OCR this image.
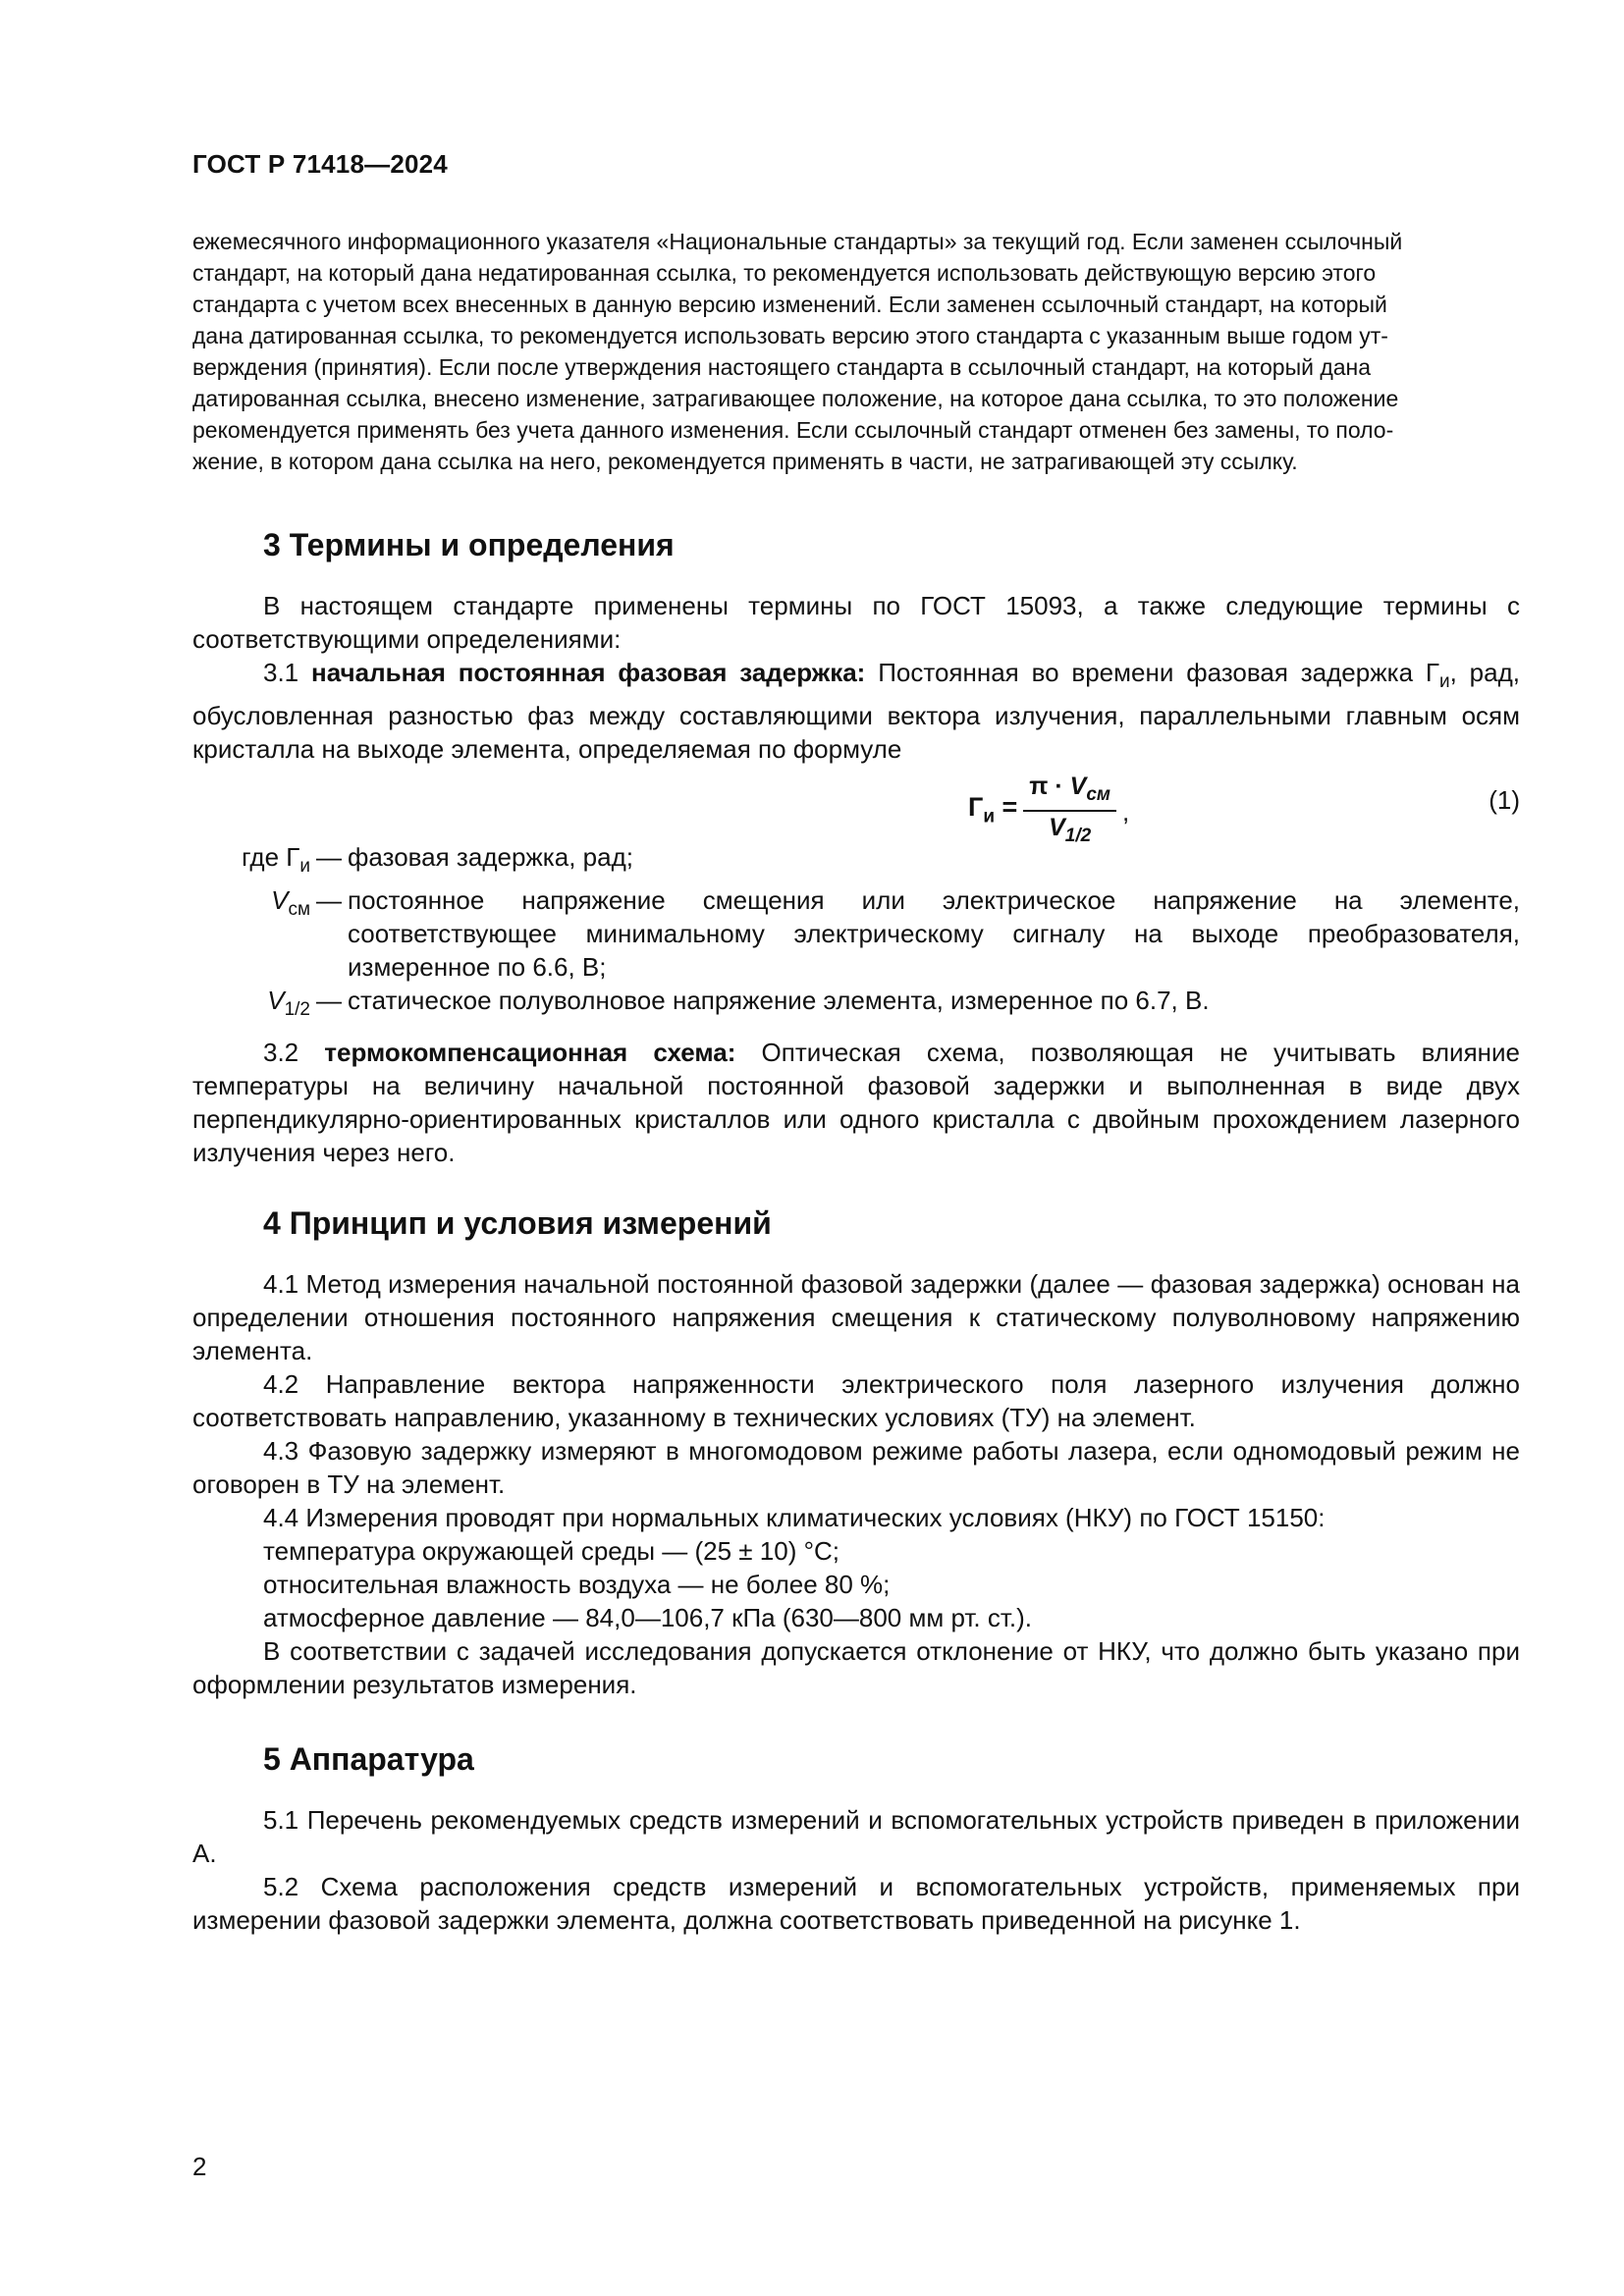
ГОСТ Р 71418—2024
ежемесячного информационного указателя «Национальные стандарты» за текущий год. Если заменен ссылочный
стандарт, на который дана недатированная ссылка, то рекомендуется использовать действующую версию этого
стандарта с учетом всех внесенных в данную версию изменений. Если заменен ссылочный стандарт, на который
дана датированная ссылка, то рекомендуется использовать версию этого стандарта с указанным выше годом ут-
верждения (принятия). Если после утверждения настоящего стандарта в ссылочный стандарт, на который дана
датированная ссылка, внесено изменение, затрагивающее положение, на которое дана ссылка, то это положение
рекомендуется применять без учета данного изменения. Если ссылочный стандарт отменен без замены, то поло-
жение, в котором дана ссылка на него, рекомендуется применять в части, не затрагивающей эту ссылку.
3 Термины и определения

В настоящем стандарте применены термины по ГОСТ 15093, а также следующие термины с соответствующими определениями:

3.1 начальная постоянная фазовая задержка: Постоянная во времени фазовая задержка $Г_и$, рад, обусловленная разностью фаз между составляющими вектора излучения, параллельными главным осям кристалла на выходе элемента, определяемая по формуле

$Г_и = \frac{\pi \cdot V_{см}}{V_{1/2}}$ ,	(1)
где $Г_и$	—	фазовая задержка, рад;
$V_{см}$	—	постоянное напряжение смещения или электрическое напряжение на элементе, соответствующее минимальному электрическому сигналу на выходе преобразователя, измеренное по 6.6, В;
$V_{1/2}$	—	статическое полуволновое напряжение элемента, измеренное по 6.7, В.

3.2 термокомпенсационная схема: Оптическая схема, позволяющая не учитывать влияние температуры на величину начальной постоянной фазовой задержки и выполненная в виде двух перпендикулярно-ориентированных кристаллов или одного кристалла с двойным прохождением лазерного излучения через него.

4 Принцип и условия измерений

4.1 Метод измерения начальной постоянной фазовой задержки (далее — фазовая задержка) основан на определении отношения постоянного напряжения смещения к статическому полуволновому напряжению элемента.

4.2 Направление вектора напряженности электрического поля лазерного излучения должно соответствовать направлению, указанному в технических условиях (ТУ) на элемент.

4.3 Фазовую задержку измеряют в многомодовом режиме работы лазера, если одномодовый режим не оговорен в ТУ на элемент.

4.4 Измерения проводят при нормальных климатических условиях (НКУ) по ГОСТ 15150:

температура окружающей среды — (25 ± 10) °С;

относительная влажность воздуха — не более 80 %;

атмосферное давление — 84,0—106,7 кПа (630—800 мм рт. ст.).

В соответствии с задачей исследования допускается отклонение от НКУ, что должно быть указано при оформлении результатов измерения.

5 Аппаратура

5.1 Перечень рекомендуемых средств измерений и вспомогательных устройств приведен в приложении А.

5.2 Схема расположения средств измерений и вспомогательных устройств, применяемых при измерении фазовой задержки элемента, должна соответствовать приведенной на рисунке 1.

2
